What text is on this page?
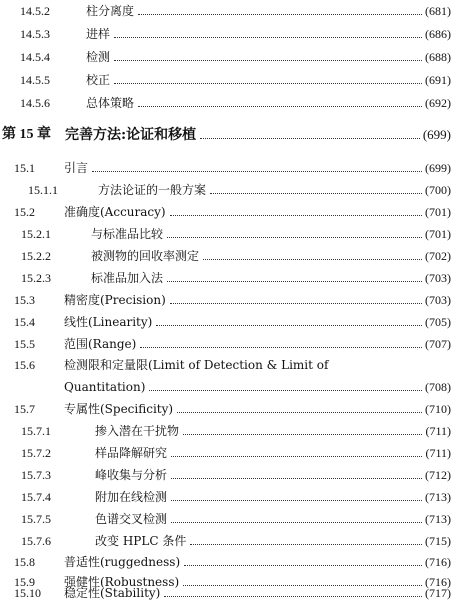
14.5.2	柱分离度	(681)
14.5.3	进样	(686)
14.5.4	检测	(688)
14.5.5	校正	(691)
14.5.6	总体策略	(692)
第 15 章	完善方法:论证和移植	(699)
15.1	引言	(699)
15.1.1	方法论证的一般方案	(700)
15.2	准确度(Accuracy)	(701)
15.2.1	与标准品比较	(701)
15.2.2	被测物的回收率测定	(702)
15.2.3	标准品加入法	(703)
15.3	精密度(Precision)	(703)
15.4	线性(Linearity)	(705)
15.5	范围(Range)	(707)
15.6	检测限和定量限(Limit of Detection & Limit of
Quantitation)	(708)
15.7	专属性(Specificity)	(710)
15.7.1	掺入潜在干扰物	(711)
15.7.2	样品降解研究	(711)
15.7.3	峰收集与分析	(712)
15.7.4	附加在线检测	(713)
15.7.5	色谱交叉检测	(713)
15.7.6	改变 HPLC 条件	(715)
15.8	普适性(ruggedness)	(716)
15.9	强健性(Robustness)	(716)
15.10	稳定性(Stability)	(717)
